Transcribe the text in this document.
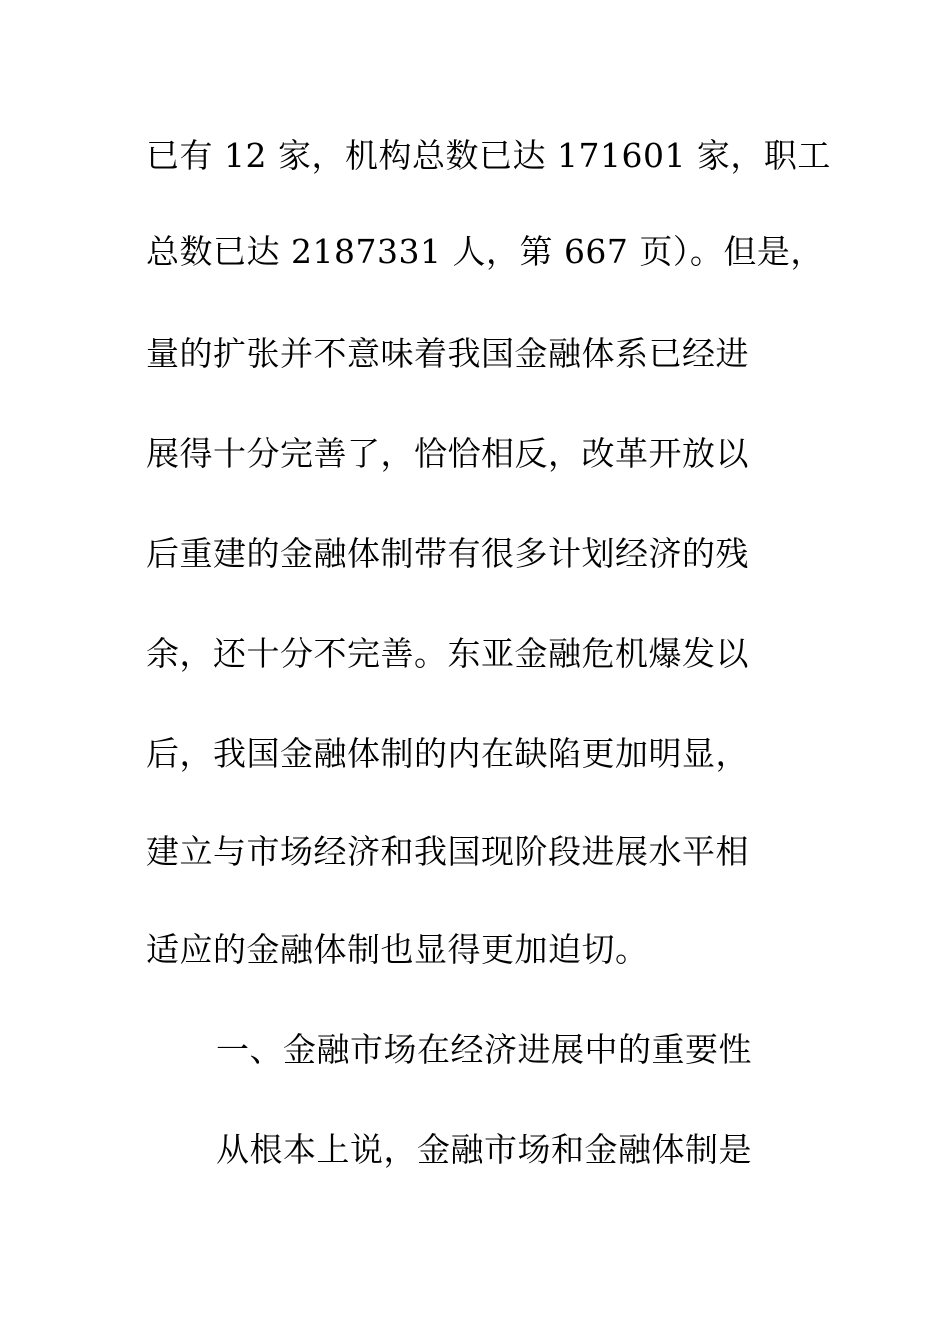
已有 12 家，机构总数已达 171601 家，职工
总数已达 2187331 人，第 667 页）。但是，
量的扩张并不意味着我国金融体系已经进
展得十分完善了，恰恰相反，改革开放以
后重建的金融体制带有很多计划经济的残
余，还十分不完善。东亚金融危机爆发以
后，我国金融体制的内在缺陷更加明显，
建立与市场经济和我国现阶段进展水平相
适应的金融体制也显得更加迫切。
一、金融市场在经济进展中的重要性
从根本上说，金融市场和金融体制是
